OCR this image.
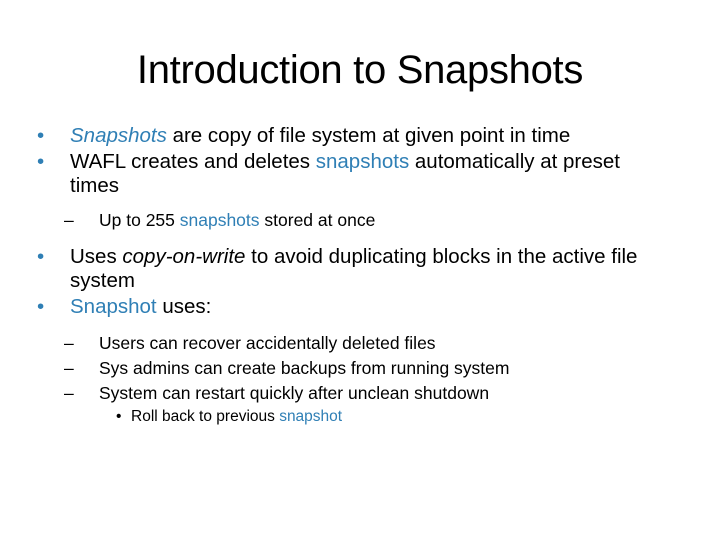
Introduction to Snapshots
• Snapshots are copy of file system at given point in time
• WAFL creates and deletes snapshots automatically at preset times
– Up to 255 snapshots stored at once
• Uses copy-on-write to avoid duplicating blocks in the active file system
• Snapshot uses:
– Users can recover accidentally deleted files
– Sys admins can create backups from running system
– System can restart quickly after unclean shutdown
• Roll back to previous snapshot
